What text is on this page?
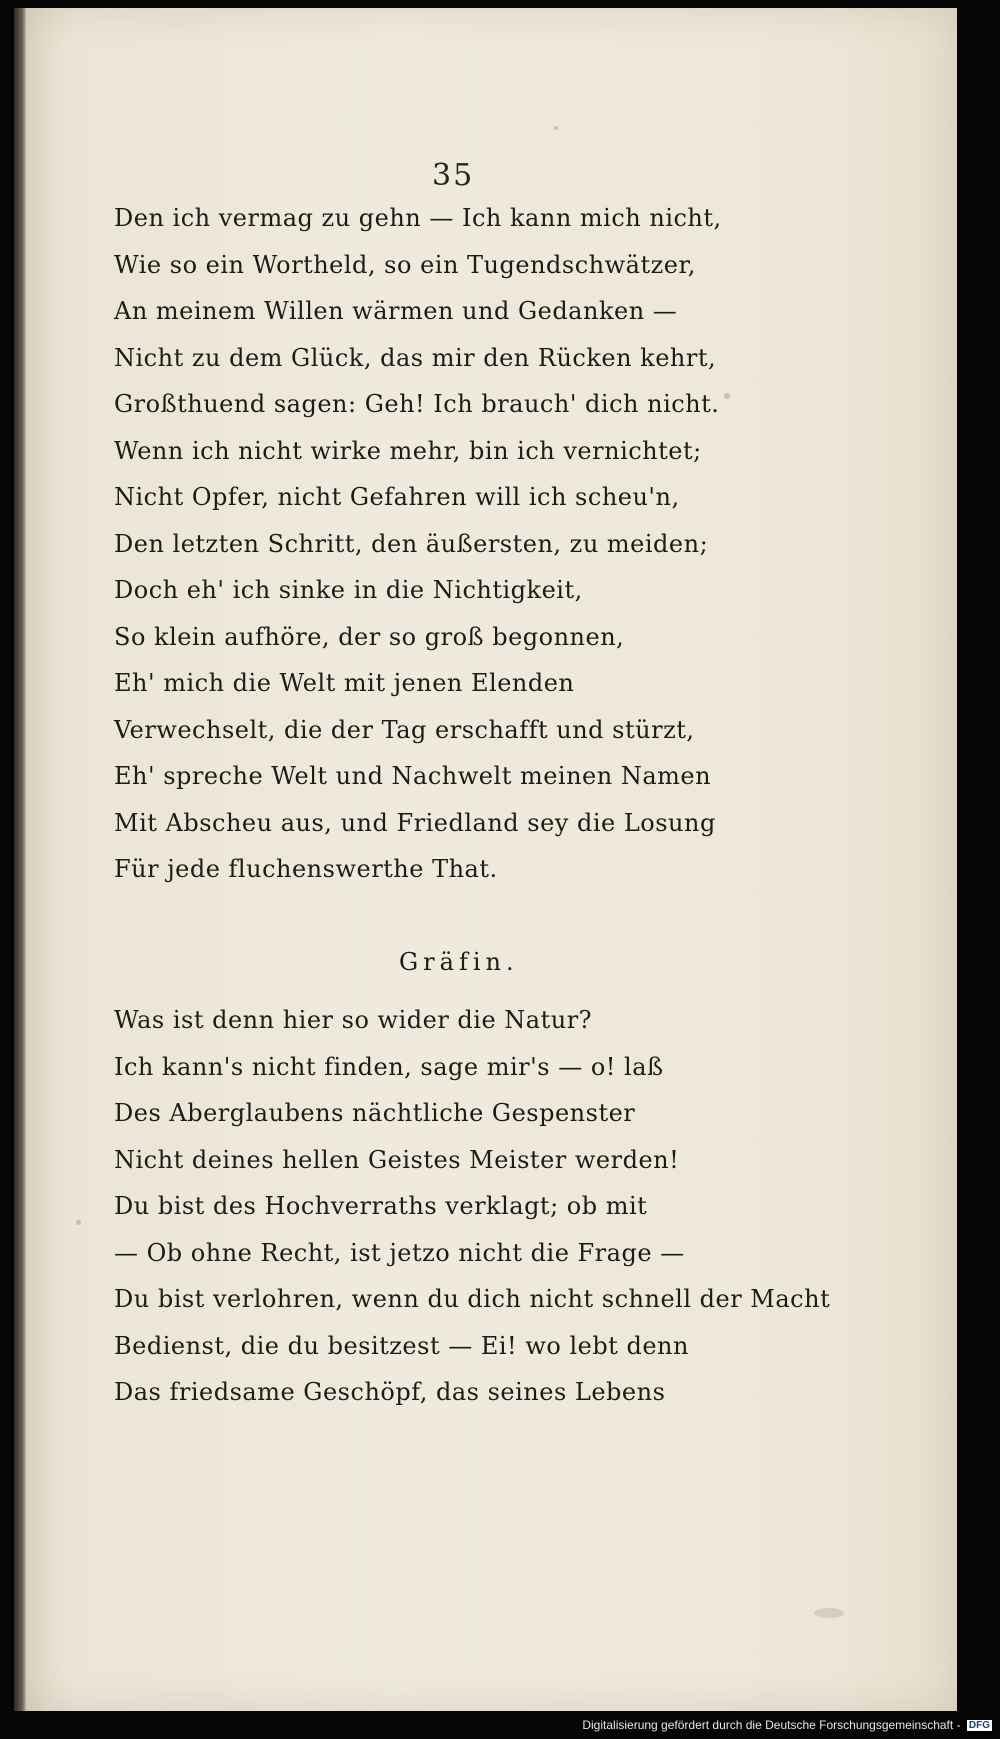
35
Den ich vermag zu gehn — Ich kann mich nicht,
Wie so ein Wortheld, so ein Tugendschwätzer,
An meinem Willen wärmen und Gedanken —
Nicht zu dem Glück, das mir den Rücken kehrt,
Großthuend sagen: Geh! Ich brauch' dich nicht.
Wenn ich nicht wirke mehr, bin ich vernichtet;
Nicht Opfer, nicht Gefahren will ich scheu'n,
Den letzten Schritt, den äußersten, zu meiden;
Doch eh' ich sinke in die Nichtigkeit,
So klein aufhöre, der so groß begonnen,
Eh' mich die Welt mit jenen Elenden
Verwechselt, die der Tag erschafft und stürzt,
Eh' spreche Welt und Nachwelt meinen Namen
Mit Abscheu aus, und Friedland sey die Losung
Für jede fluchenswerthe That.
Gräfin.
Was ist denn hier so wider die Natur?
Ich kann's nicht finden, sage mir's — o! laß
Des Aberglaubens nächtliche Gespenster
Nicht deines hellen Geistes Meister werden!
Du bist des Hochverraths verklagt; ob mit
— Ob ohne Recht, ist jetzo nicht die Frage —
Du bist verlohren, wenn du dich nicht schnell der Macht
Bedienst, die du besitzest — Ei! wo lebt denn
Das friedsame Geschöpf, das seines Lebens
Digitalisierung gefördert durch die Deutsche Forschungsgemeinschaft - DFG
